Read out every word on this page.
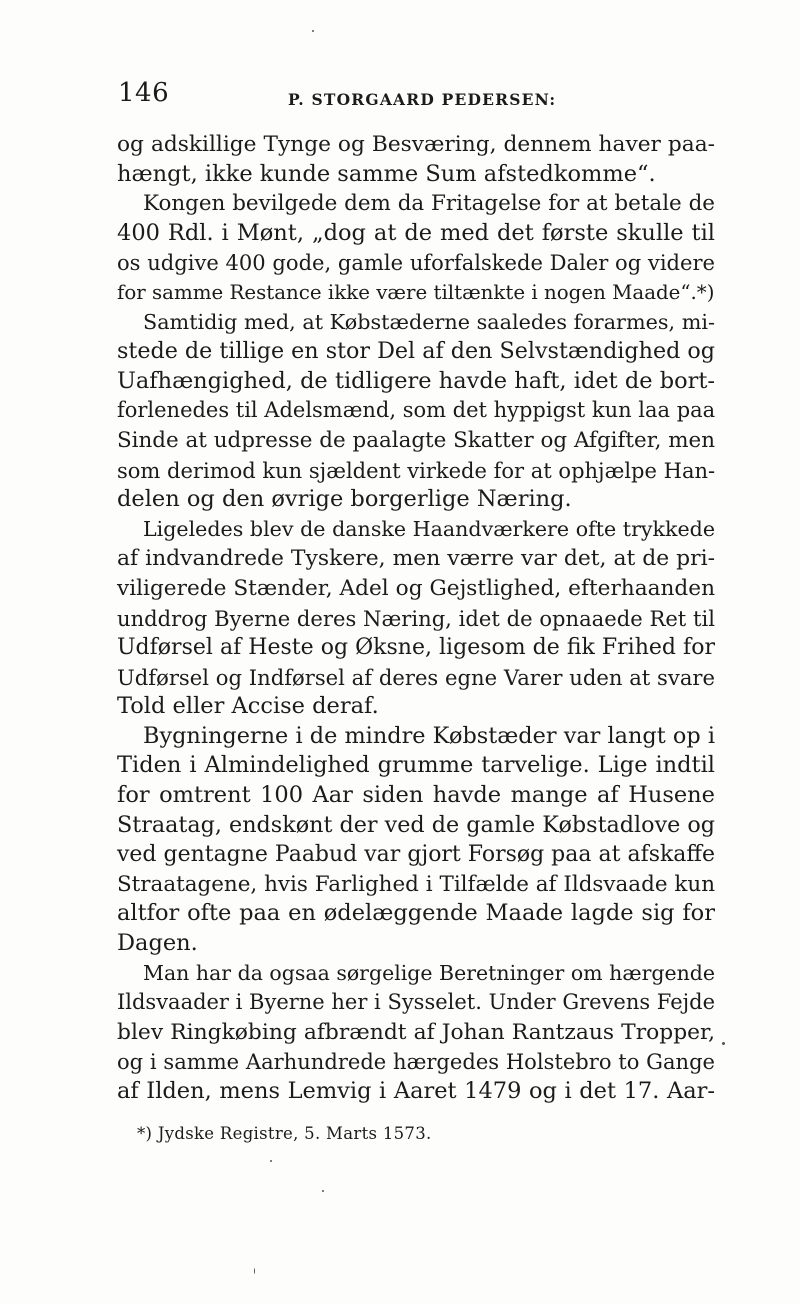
146	P. STORGAARD PEDERSEN:
og adskillige Tynge og Besværing, dennem haver paa-
hængt, ikke kunde samme Sum afstedkomme“.
Kongen bevilgede dem da Fritagelse for at betale de
400 Rdl. i Mønt, „dog at de med det første skulle til
os udgive 400 gode, gamle uforfalskede Daler og videre
for samme Restance ikke være tiltænkte i nogen Maade“.*)
Samtidig med, at Købstæderne saaledes forarmes, mi-
stede de tillige en stor Del af den Selvstændighed og
Uafhængighed, de tidligere havde haft, idet de bort-
forlenedes til Adelsmænd, som det hyppigst kun laa paa
Sinde at udpresse de paalagte Skatter og Afgifter, men
som derimod kun sjældent virkede for at ophjælpe Han-
delen og den øvrige borgerlige Næring.
Ligeledes blev de danske Haandværkere ofte trykkede
af indvandrede Tyskere, men værre var det, at de pri-
viligerede Stænder, Adel og Gejstlighed, efterhaanden
unddrog Byerne deres Næring, idet de opnaaede Ret til
Udførsel af Heste og Øksne, ligesom de fik Frihed for
Udførsel og Indførsel af deres egne Varer uden at svare
Told eller Accise deraf.
Bygningerne i de mindre Købstæder var langt op i
Tiden i Almindelighed grumme tarvelige. Lige indtil
for omtrent 100 Aar siden havde mange af Husene
Straatag, endskønt der ved de gamle Købstadlove og
ved gentagne Paabud var gjort Forsøg paa at afskaffe
Straatagene, hvis Farlighed i Tilfælde af Ildsvaade kun
altfor ofte paa en ødelæggende Maade lagde sig for
Dagen.
Man har da ogsaa sørgelige Beretninger om hærgende
Ildsvaader i Byerne her i Sysselet. Under Grevens Fejde
blev Ringkøbing afbrændt af Johan Rantzaus Tropper,
og i samme Aarhundrede hærgedes Holstebro to Gange
af Ilden, mens Lemvig i Aaret 1479 og i det 17. Aar-
*) Jydske Registre, 5. Marts 1573.
